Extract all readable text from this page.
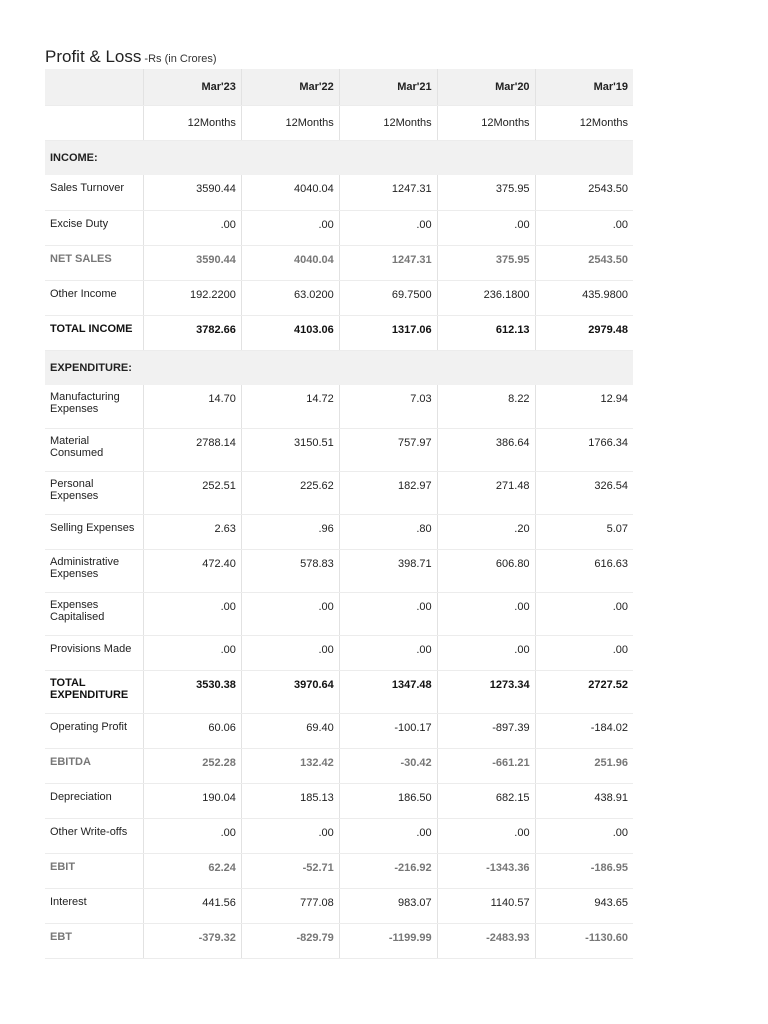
Profit & Loss -Rs (in Crores)
	Mar'23	Mar'22	Mar'21	Mar'20	Mar'19
	12Months	12Months	12Months	12Months	12Months
INCOME:					
Sales Turnover	3590.44	4040.04	1247.31	375.95	2543.50
Excise Duty	.00	.00	.00	.00	.00
NET SALES	3590.44	4040.04	1247.31	375.95	2543.50
Other Income	192.2200	63.0200	69.7500	236.1800	435.9800
TOTAL INCOME	3782.66	4103.06	1317.06	612.13	2979.48
EXPENDITURE:					
Manufacturing Expenses	14.70	14.72	7.03	8.22	12.94
Material Consumed	2788.14	3150.51	757.97	386.64	1766.34
Personal Expenses	252.51	225.62	182.97	271.48	326.54
Selling Expenses	2.63	.96	.80	.20	5.07
Administrative Expenses	472.40	578.83	398.71	606.80	616.63
Expenses Capitalised	.00	.00	.00	.00	.00
Provisions Made	.00	.00	.00	.00	.00
TOTAL EXPENDITURE	3530.38	3970.64	1347.48	1273.34	2727.52
Operating Profit	60.06	69.40	-100.17	-897.39	-184.02
EBITDA	252.28	132.42	-30.42	-661.21	251.96
Depreciation	190.04	185.13	186.50	682.15	438.91
Other Write-offs	.00	.00	.00	.00	.00
EBIT	62.24	-52.71	-216.92	-1343.36	-186.95
Interest	441.56	777.08	983.07	1140.57	943.65
EBT	-379.32	-829.79	-1199.99	-2483.93	-1130.60
